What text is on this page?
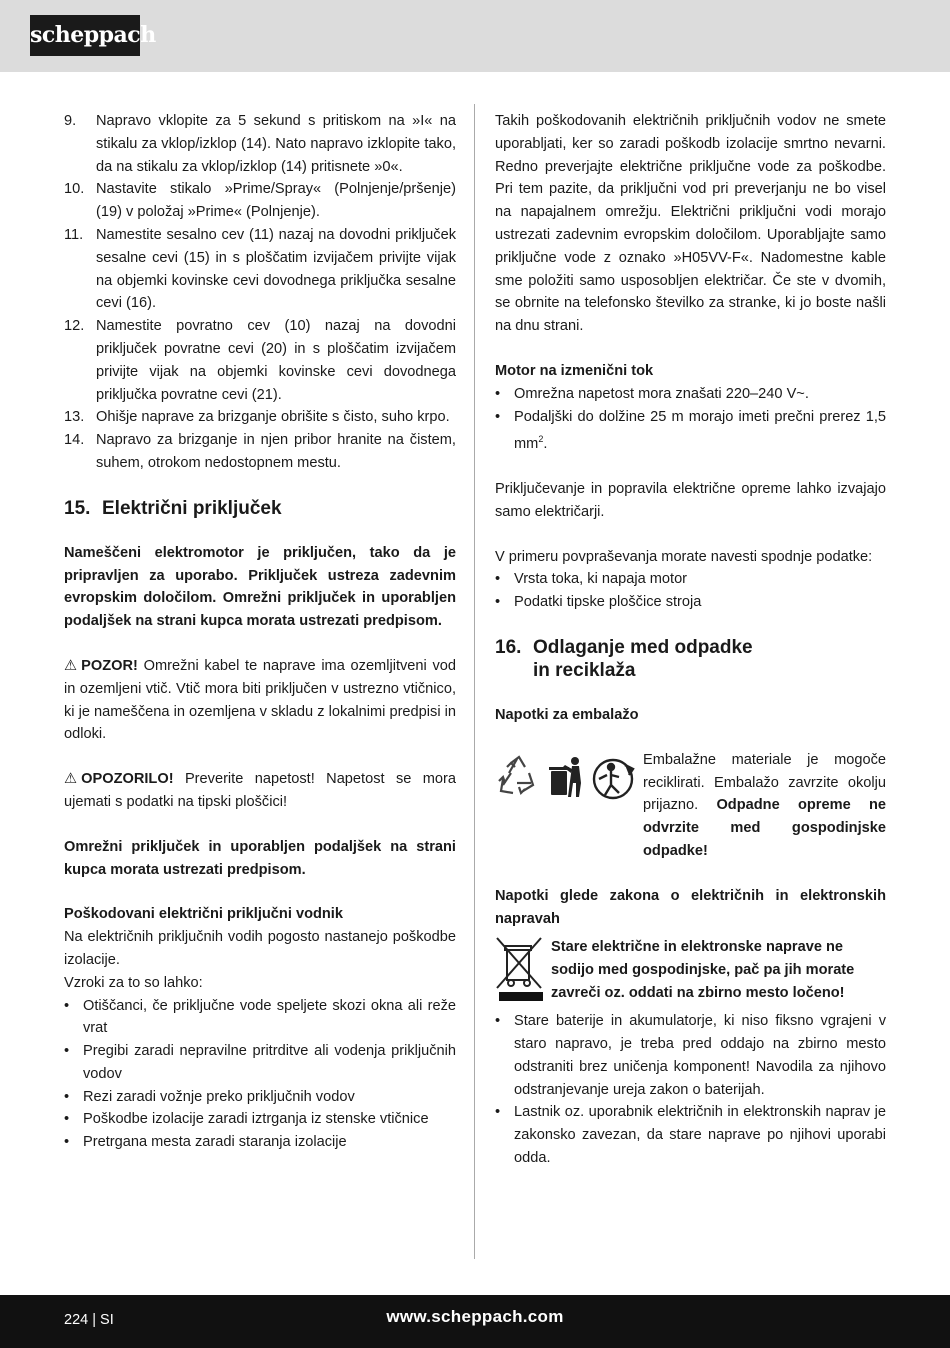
scheppach
9.	Napravo vklopite za 5 sekund s pritiskom na »I« na stikalu za vklop/izklop (14). Nato napravo izklopite tako, da na stikalu za vklop/izklop (14) pritisnete »0«.
10. Nastavite stikalo »Prime/Spray« (Polnjenje/pršenje) (19) v položaj »Prime« (Polnjenje).
11. Namestite sesalno cev (11) nazaj na dovodni priključek sesalne cevi (15) in s ploščatim izvijačem privijte vijak na objemki kovinske cevi dovodnega priključka sesalne cevi (16).
12. Namestite povratno cev (10) nazaj na dovodni priključek povratne cevi (20) in s ploščatim izvijačem privijte vijak na objemki kovinske cevi dovodnega priključka povratne cevi (21).
13. Ohišje naprave za brizganje obrišite s čisto, suho krpo.
14. Napravo za brizganje in njen pribor hranite na čistem, suhem, otrokom nedostopnem mestu.
15. Električni priključek

Nameščeni elektromotor je priključen, tako da je pripravljen za uporabo. Priključek ustreza zadevnim evropskim določilom. Omrežni priključek in uporabljen podaljšek na strani kupca morata ustrezati predpisom.

⚠ POZOR! Omrežni kabel te naprave ima ozemljitveni vod in ozemljeni vtič. Vtič mora biti priključen v ustrezno vtičnico, ki je nameščena in ozemljena v skladu z lokalnimi predpisi in odloki.

⚠ OPOZORILO! Preverite napetost! Napetost se mora ujemati s podatki na tipski ploščici!

Omrežni priključek in uporabljen podaljšek na strani kupca morata ustrezati predpisom.

Poškodovani električni priključni vodnik

Na električnih priključnih vodih pogosto nastanejo poškodbe izolacije.

Vzroki za to so lahko:

• Otiščanci, če priključne vode speljete skozi okna ali reže vrat
• Pregibi zaradi nepravilne pritrditve ali vodenja priključnih vodov
• Rezi zaradi vožnje preko priključnih vodov
• Poškodbe izolacije zaradi iztrganja iz stenske vtičnice
• Pretrgana mesta zaradi staranja izolacije

Takih poškodovanih električnih priključnih vodov ne smete uporabljati, ker so zaradi poškodb izolacije smrtno nevarni. Redno preverjajte električne priključne vode za poškodbe. Pri tem pazite, da priključni vod pri preverjanju ne bo visel na napajalnem omrežju. Električni priključni vodi morajo ustrezati zadevnim evropskim določilom. Uporabljajte samo priključne vode z oznako »H05VV-F«. Nadomestne kable sme položiti samo usposobljen električar. Če ste v dvomih, se obrnite na telefonsko številko za stranke, ki jo boste našli na dnu strani.

Motor na izmenični tok

• Omrežna napetost mora znašati 220–240 V~.
• Podaljški do dolžine 25 m morajo imeti prečni prerez 1,5 $mm^2$.

Priključevanje in popravila električne opreme lahko izvajajo samo električarji.

V primeru povpraševanja morate navesti spodnje podatke:

• Vrsta toka, ki napaja motor
• Podatki tipske ploščice stroja
16. Odlaganje med odpadke
in reciklaža

Napotki za embalažo

Embalažne materiale je mogoče reciklirati. Embalažo zavrzite okolju prijazno. Odpadne opreme ne odvrzite med gospodinjske odpadke!

Napotki glede zakona o električnih in elektronskih napravah

Stare električne in elektronske naprave ne sodijo med gospodinjske, pač pa jih morate zavreči oz. oddati na zbirno mesto ločeno!
• Stare baterije in akumulatorje, ki niso fiksno vgrajeni v staro napravo, je treba pred oddajo na zbirno mesto odstraniti brez uničenja komponent! Navodila za njihovo odstranjevanje ureja zakon o baterijah.
• Lastnik oz. uporabnik električnih in elektronskih naprav je zakonsko zavezan, da stare naprave po njihovi uporabi odda.
224 | SI	www.scheppach.com
